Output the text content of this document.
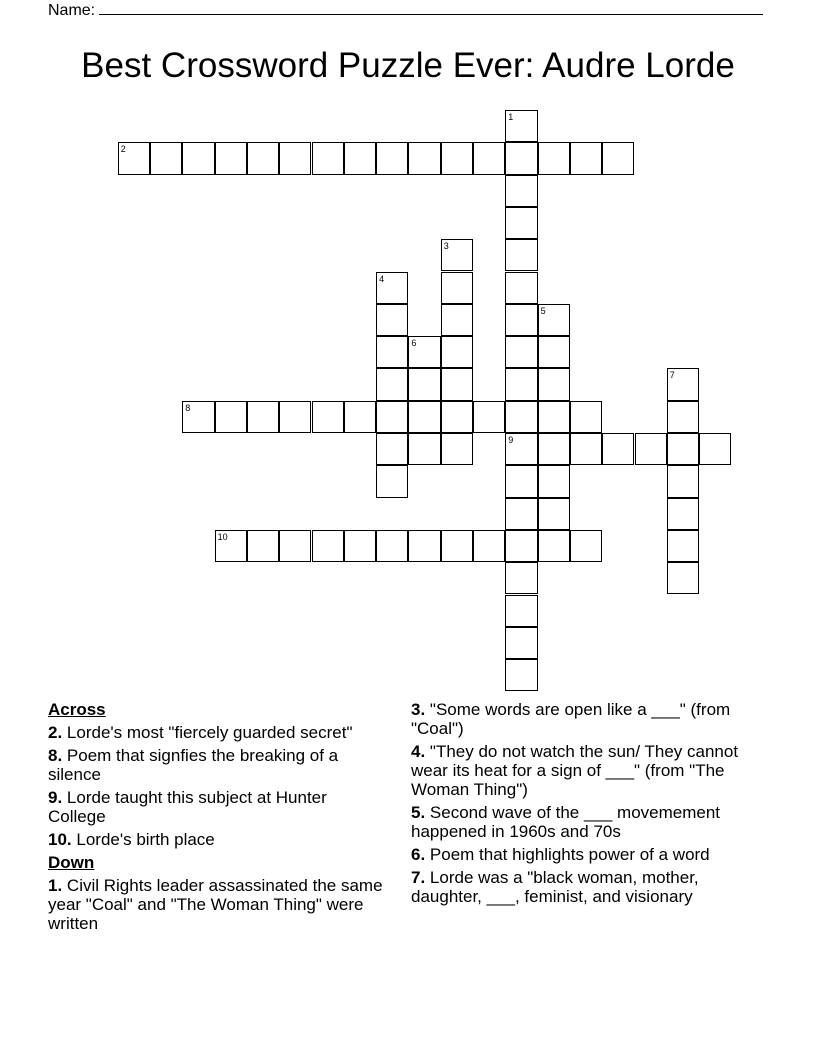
Name:
Best Crossword Puzzle Ever: Audre Lorde
1
9
2
3
4
5
6
7
8
10
Across
2. Lorde's most "fiercely guarded secret"
8. Poem that signfies the breaking of a silence
9. Lorde taught this subject at Hunter College
10. Lorde's birth place
Down
1. Civil Rights leader assassinated the same year "Coal" and "The Woman Thing" were written
3. "Some words are open like a ___" (from "Coal")
4. "They do not watch the sun/ They cannot wear its heat for a sign of ___" (from "The Woman Thing")
5. Second wave of the ___ movemement happened in 1960s and 70s
6. Poem that highlights power of a word
7. Lorde was a "black woman, mother, daughter, ___, feminist, and visionary
